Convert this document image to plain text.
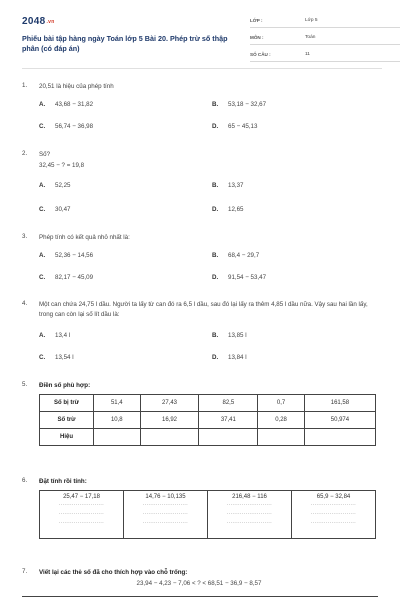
2048.vn
Phiếu bài tập hàng ngày Toán lớp 5 Bài 20. Phép trừ số thập phân (có đáp án)
LỚP :	Lớp 5
MÔN :	Toán
SỐ CÂU :	11
1. 20,51 là hiệu của phép tính
A. 43,68 − 31,82	B. 53,18 − 32,67
C. 56,74 − 36,98	D. 65 − 45,13
2. Số?
32,45 − ? = 19,8
A. 52,25	B. 13,37
C. 30,47	D. 12,65
3. Phép tính có kết quả nhỏ nhất là:
A. 52,36 − 14,56	B. 68,4 − 29,7
C. 82,17 − 45,09	D. 91,54 − 53,47
4. Một can chứa 24,75 l dầu. Người ta lấy từ can đó ra 6,5 l dầu, sau đó lại lấy ra thêm 4,85 l dầu nữa. Vậy sau hai lần lấy, trong can còn lại số lít dầu là:
A. 13,4 l	B. 13,85 l
C. 13,54 l	D. 13,84 l
5. Điền số phù hợp:
Số bị trừ	51,4	27,43	82,5	0,7	161,58
Số trừ	10,8	16,92	37,41	0,28	50,974
Hiệu					
6. Đặt tính rồi tính:
25,47 − 17,18
........................
........................
........................

14,76 − 10,135
........................
........................
........................

216,48 − 116
........................
........................
........................

65,9 − 32,84
........................
........................
........................
7. Viết lại các thẻ số đã cho thích hợp vào chỗ trống:
23,94 − 4,23 − 7,06 < ? < 68,51 − 36,9 − 8,57
